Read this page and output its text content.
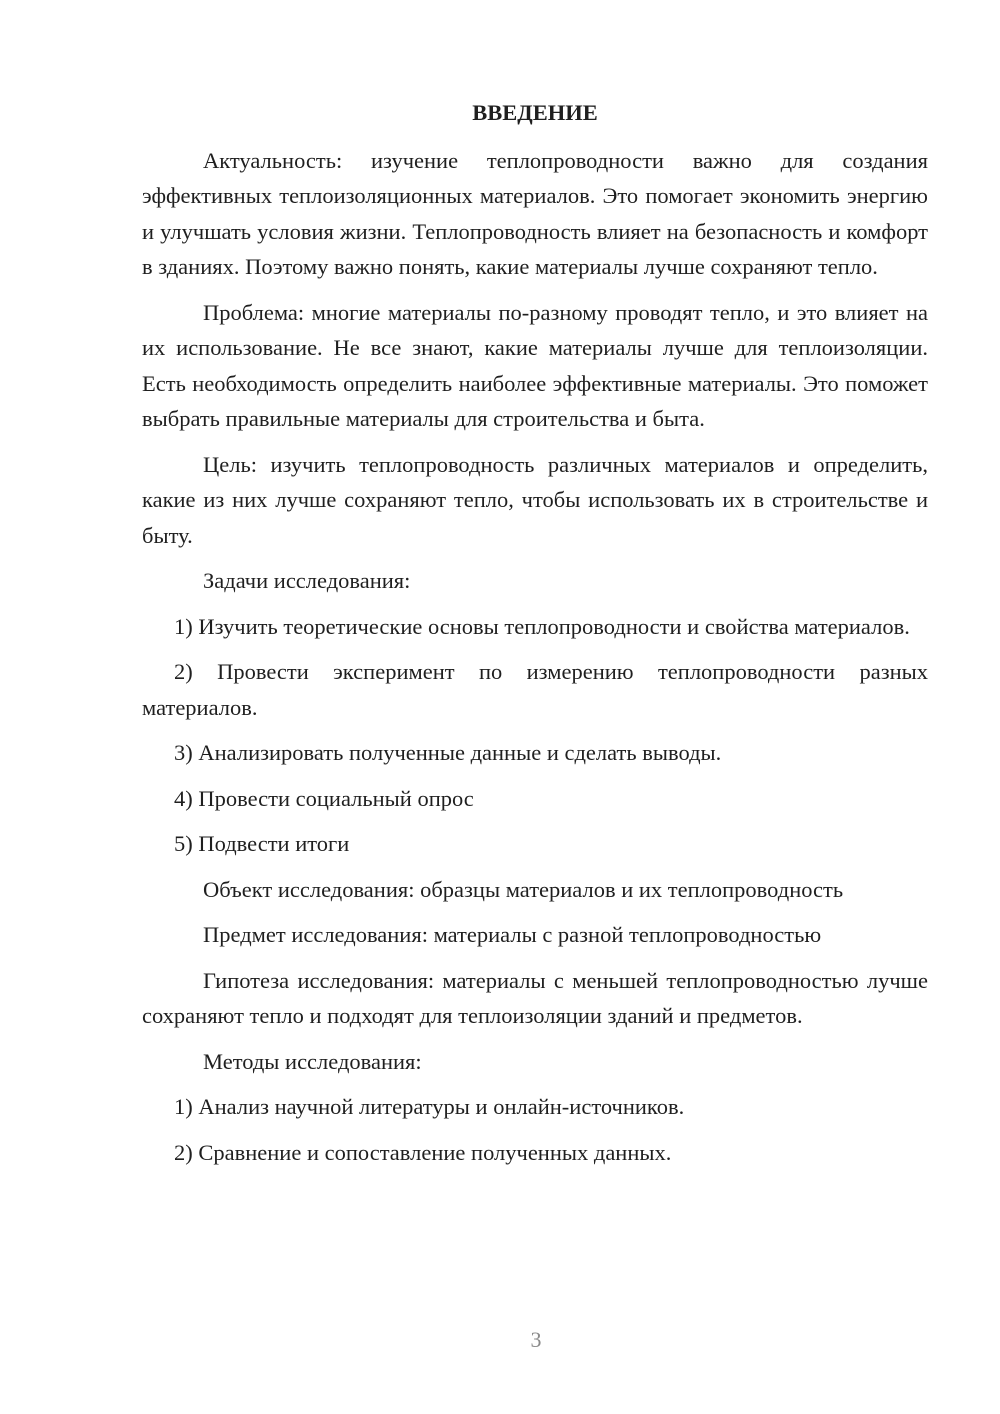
ВВЕДЕНИЕ
Актуальность: изучение теплопроводности важно для создания эффективных теплоизоляционных материалов. Это помогает экономить энергию и улучшать условия жизни. Теплопроводность влияет на безопасность и комфорт в зданиях. Поэтому важно понять, какие материалы лучше сохраняют тепло.
Проблема: многие материалы по-разному проводят тепло, и это влияет на их использование. Не все знают, какие материалы лучше для теплоизоляции. Есть необходимость определить наиболее эффективные материалы. Это поможет выбрать правильные материалы для строительства и быта.
Цель: изучить теплопроводность различных материалов и определить, какие из них лучше сохраняют тепло, чтобы использовать их в строительстве и быту.
Задачи исследования:
1) Изучить теоретические основы теплопроводности и свойства материалов.
2) Провести эксперимент по измерению теплопроводности разных материалов.
3) Анализировать полученные данные и сделать выводы.
4) Провести социальный опрос
5) Подвести итоги
Объект исследования: образцы материалов и их теплопроводность
Предмет исследования: материалы с разной теплопроводностью
Гипотеза исследования: материалы с меньшей теплопроводностью лучше сохраняют тепло и подходят для теплоизоляции зданий и предметов.
Методы исследования:
1) Анализ научной литературы и онлайн-источников.
2) Сравнение и сопоставление полученных данных.
3
